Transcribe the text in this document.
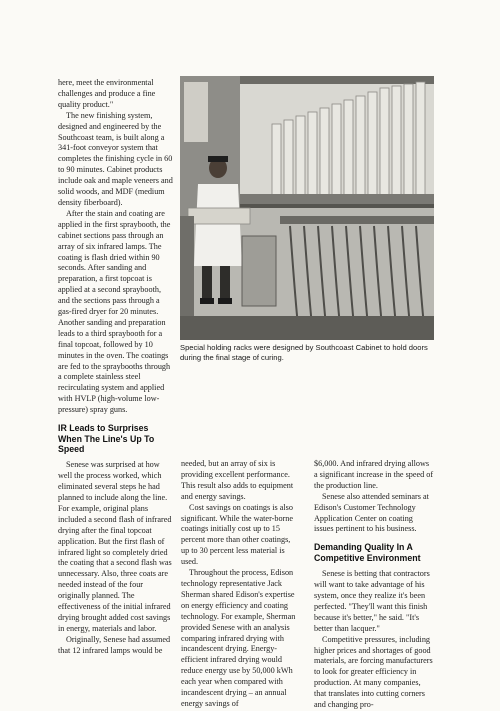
here, meet the environmental challenges and produce a fine quality product."

The new finishing system, designed and engineered by the Southcoast team, is built along a 341-foot conveyor system that completes the finishing cycle in 60 to 90 minutes. Cabinet products include oak and maple veneers and solid woods, and MDF (medium density fiberboard).

After the stain and coating are applied in the first spraybooth, the cabinet sections pass through an array of six infrared lamps. The coating is flash dried within 90 seconds. After sanding and preparation, a first topcoat is applied at a second spraybooth, and the sections pass through a gas-fired dryer for 20 minutes. Another sanding and preparation leads to a third spraybooth for a final topcoat, followed by 10 minutes in the oven. The coatings are fed to the spraybooths through a complete stainless steel recirculating system and applied with HVLP (high-volume low-pressure) spray guns.

IR Leads to Surprises When The Line's Up To Speed

Senese was surprised at how well the process worked, which eliminated several steps he had planned to include along the line. For example, original plans included a second flash of infrared drying after the final topcoat application. But the first flash of infrared light so completely dried the coating that a second flash was unnecessary. Also, three coats are needed instead of the four originally planned. The effectiveness of the initial infrared drying brought added cost savings in energy, materials and labor.

Originally, Senese had assumed that 12 infrared lamps would be

Special holding racks were designed by Southcoast Cabinet to hold doors during the final stage of curing.

needed, but an array of six is providing excellent performance. This result also adds to equipment and energy savings.

Cost savings on coatings is also significant. While the water-borne coatings initially cost up to 15 percent more than other coatings, up to 30 percent less material is used.

Throughout the process, Edison technology representative Jack Sherman shared Edison's expertise on energy efficiency and coating technology. For example, Sherman provided Senese with an analysis comparing infrared drying with incandescent drying. Energy-efficient infrared drying would reduce energy use by 50,000 kWh each year when compared with incandescent drying – an annual energy savings of

$6,000. And infrared drying allows a significant increase in the speed of the production line.

Senese also attended seminars at Edison's Customer Technology Application Center on coating issues pertinent to his business.

Demanding Quality In A Competitive Environment

Senese is betting that contractors will want to take advantage of his system, once they realize it's been perfected. "They'll want this finish because it's better," he said. "It's better than lacquer."

Competitive pressures, including higher prices and shortages of good materials, are forcing manufacturers to look for greater efficiency in production. At many companies, that translates into cutting corners and changing pro-
